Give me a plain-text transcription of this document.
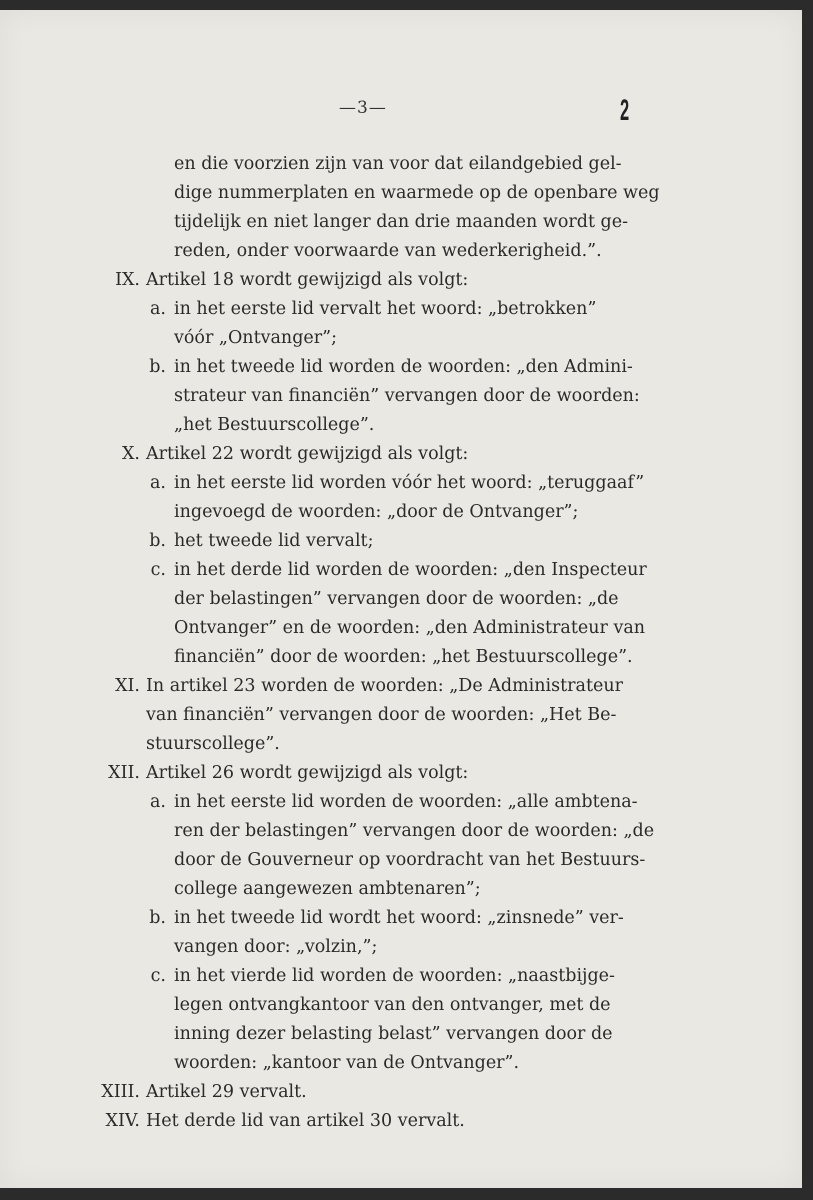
—3—	2
en die voorzien zijn van voor dat eilandgebied gel-
dige nummerplaten en waarmede op de openbare weg
tijdelijk en niet langer dan drie maanden wordt ge-
reden, onder voorwaarde van wederkerigheid.”.
IX. Artikel 18 wordt gewijzigd als volgt:
a. in het eerste lid vervalt het woord: „betrokken”
vóór „Ontvanger”;
b. in het tweede lid worden de woorden: „den Admini-
strateur van financiën” vervangen door de woorden:
„het Bestuurscollege”.
X. Artikel 22 wordt gewijzigd als volgt:
a. in het eerste lid worden vóór het woord: „teruggaaf”
ingevoegd de woorden: „door de Ontvanger”;
b. het tweede lid vervalt;
c. in het derde lid worden de woorden: „den Inspecteur
der belastingen” vervangen door de woorden: „de
Ontvanger” en de woorden: „den Administrateur van
financiën” door de woorden: „het Bestuurscollege”.
XI. In artikel 23 worden de woorden: „De Administrateur
van financiën” vervangen door de woorden: „Het Be-
stuurscollege”.
XII. Artikel 26 wordt gewijzigd als volgt:
a. in het eerste lid worden de woorden: „alle ambtena-
ren der belastingen” vervangen door de woorden: „de
door de Gouverneur op voordracht van het Bestuurs-
college aangewezen ambtenaren”;
b. in het tweede lid wordt het woord: „zinsnede” ver-
vangen door: „volzin,”;
c. in het vierde lid worden de woorden: „naastbijge-
legen ontvangkantoor van den ontvanger, met de
inning dezer belasting belast” vervangen door de
woorden: „kantoor van de Ontvanger”.
XIII. Artikel 29 vervalt.
XIV. Het derde lid van artikel 30 vervalt.
